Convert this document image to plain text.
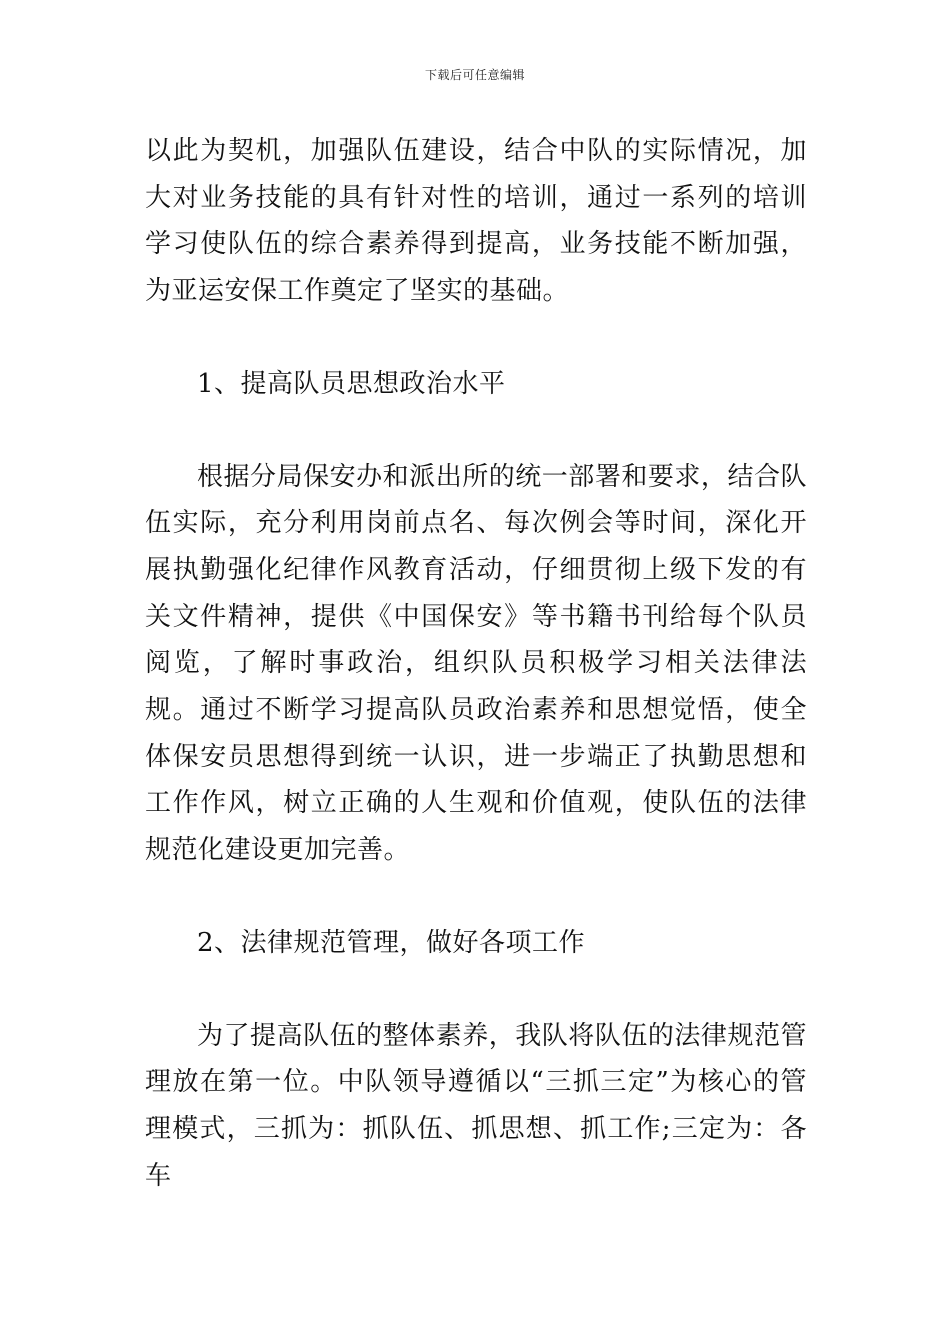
下载后可任意编辑

以此为契机，加强队伍建设，结合中队的实际情况，加大对业务技能的具有针对性的培训，通过一系列的培训学习使队伍的综合素养得到提高，业务技能不断加强，为亚运安保工作奠定了坚实的基础。

1、提高队员思想政治水平

根据分局保安办和派出所的统一部署和要求，结合队伍实际，充分利用岗前点名、每次例会等时间，深化开展执勤强化纪律作风教育活动，仔细贯彻上级下发的有关文件精神，提供《中国保安》等书籍书刊给每个队员阅览，了解时事政治，组织队员积极学习相关法律法规。通过不断学习提高队员政治素养和思想觉悟，使全体保安员思想得到统一认识，进一步端正了执勤思想和工作作风，树立正确的人生观和价值观，使队伍的法律规范化建设更加完善。

2、法律规范管理，做好各项工作

为了提高队伍的整体素养，我队将队伍的法律规范管理放在第一位。中队领导遵循以“三抓三定”为核心的管理模式，三抓为：抓队伍、抓思想、抓工作;三定为：各车
